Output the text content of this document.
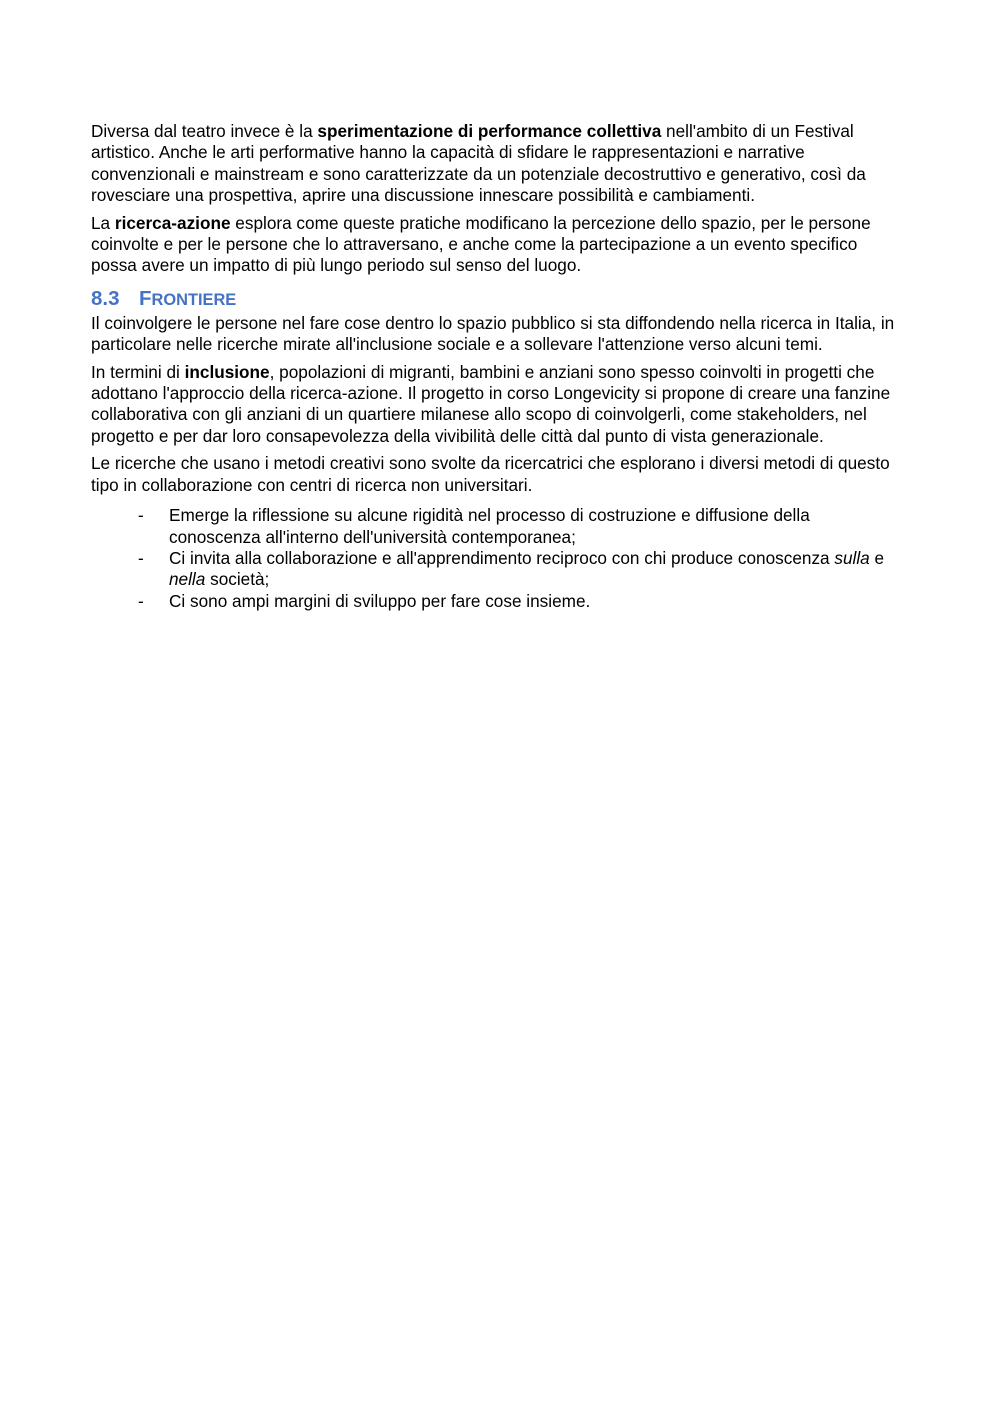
Diversa dal teatro invece è la sperimentazione di performance collettiva nell'ambito di un Festival artistico. Anche le arti performative hanno la capacità di sfidare le rappresentazioni e narrative convenzionali e mainstream e sono caratterizzate da un potenziale decostruttivo e generativo, così da rovesciare una prospettiva, aprire una discussione innescare possibilità e cambiamenti.

La ricerca-azione esplora come queste pratiche modificano la percezione dello spazio, per le persone coinvolte e per le persone che lo attraversano, e anche come la partecipazione a un evento specifico possa avere un impatto di più lungo periodo sul senso del luogo.

8.3 FRONTIERE

Il coinvolgere le persone nel fare cose dentro lo spazio pubblico si sta diffondendo nella ricerca in Italia, in particolare nelle ricerche mirate all'inclusione sociale e a sollevare l'attenzione verso alcuni temi.

In termini di inclusione, popolazioni di migranti, bambini e anziani sono spesso coinvolti in progetti che adottano l'approccio della ricerca-azione. Il progetto in corso Longevicity si propone di creare una fanzine collaborativa con gli anziani di un quartiere milanese allo scopo di coinvolgerli, come stakeholders, nel progetto e per dar loro consapevolezza della vivibilità delle città dal punto di vista generazionale.

Le ricerche che usano i metodi creativi sono svolte da ricercatrici che esplorano i diversi metodi di questo tipo in collaborazione con centri di ricerca non universitari.

- Emerge la riflessione su alcune rigidità nel processo di costruzione e diffusione della conoscenza all'interno dell'università contemporanea;
- Ci invita alla collaborazione e all'apprendimento reciproco con chi produce conoscenza sulla e nella società;
- Ci sono ampi margini di sviluppo per fare cose insieme.
